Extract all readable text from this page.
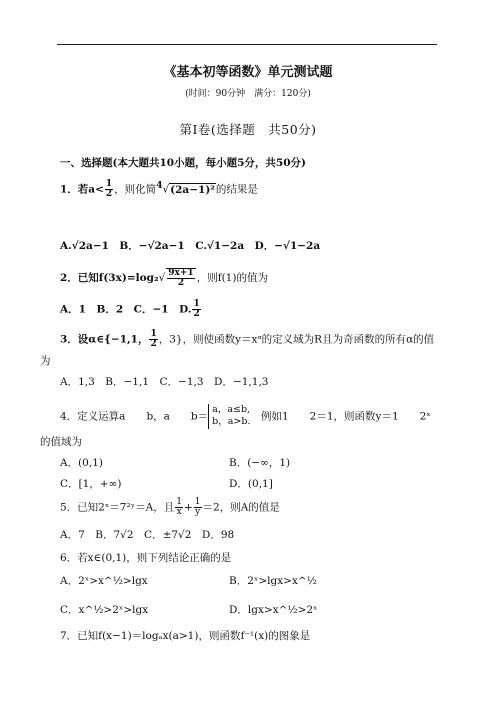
《基本初等函数》单元测试题
(时间：90分钟　满分：120分)
第Ⅰ卷(选择题　共50分)
一、选择题(本大题共10小题，每小题5分，共50分)
1．若$a< \frac{1}{2}$ ，则化简$^4$√(2a−1)²的结果是
A.√2a−1　B．−√2a−1　C.√1−2a　D．−√1−2a
2．已知$f(3x)=\log_2√ \frac{9x+1}{2}$ ，则f(1)的值为
A．1　B．2　C．−1　D. $\frac{1}{2}$
3．设α∈{−1,1， $\frac{1}{2}$ ，3}，则使函数y＝xᵅ的定义域为R且为奇函数的所有α的值
为
A．1,3　B．−1,1　C．−1,3　D．−1,1,3
4．定义运算a　　b，a　　b＝
a，a≤b,
b，a>b.
　 例如1　　2＝1，则函数y＝1　　2ˣ
的值域为
A．(0,1)	B．(−∞，1)
C．[1，+∞)	D．(0,1]
5．已知2ˣ＝7²ʸ＝A，且 $\frac{1}{x} + \frac{1}{y} =2$，则A的值是
A．7　B．7√2　C．±7√2　D．98
6．若x∈(0,1)，则下列结论正确的是
A．2ˣ>x^½>lgx	B．2ˣ>lgx>x^½
C．x^½>2ˣ>lgx	D．lgx>x^½>2ˣ
7．已知f(x−1)＝logₐx(a>1)，则函数f⁻¹(x)的图象是
